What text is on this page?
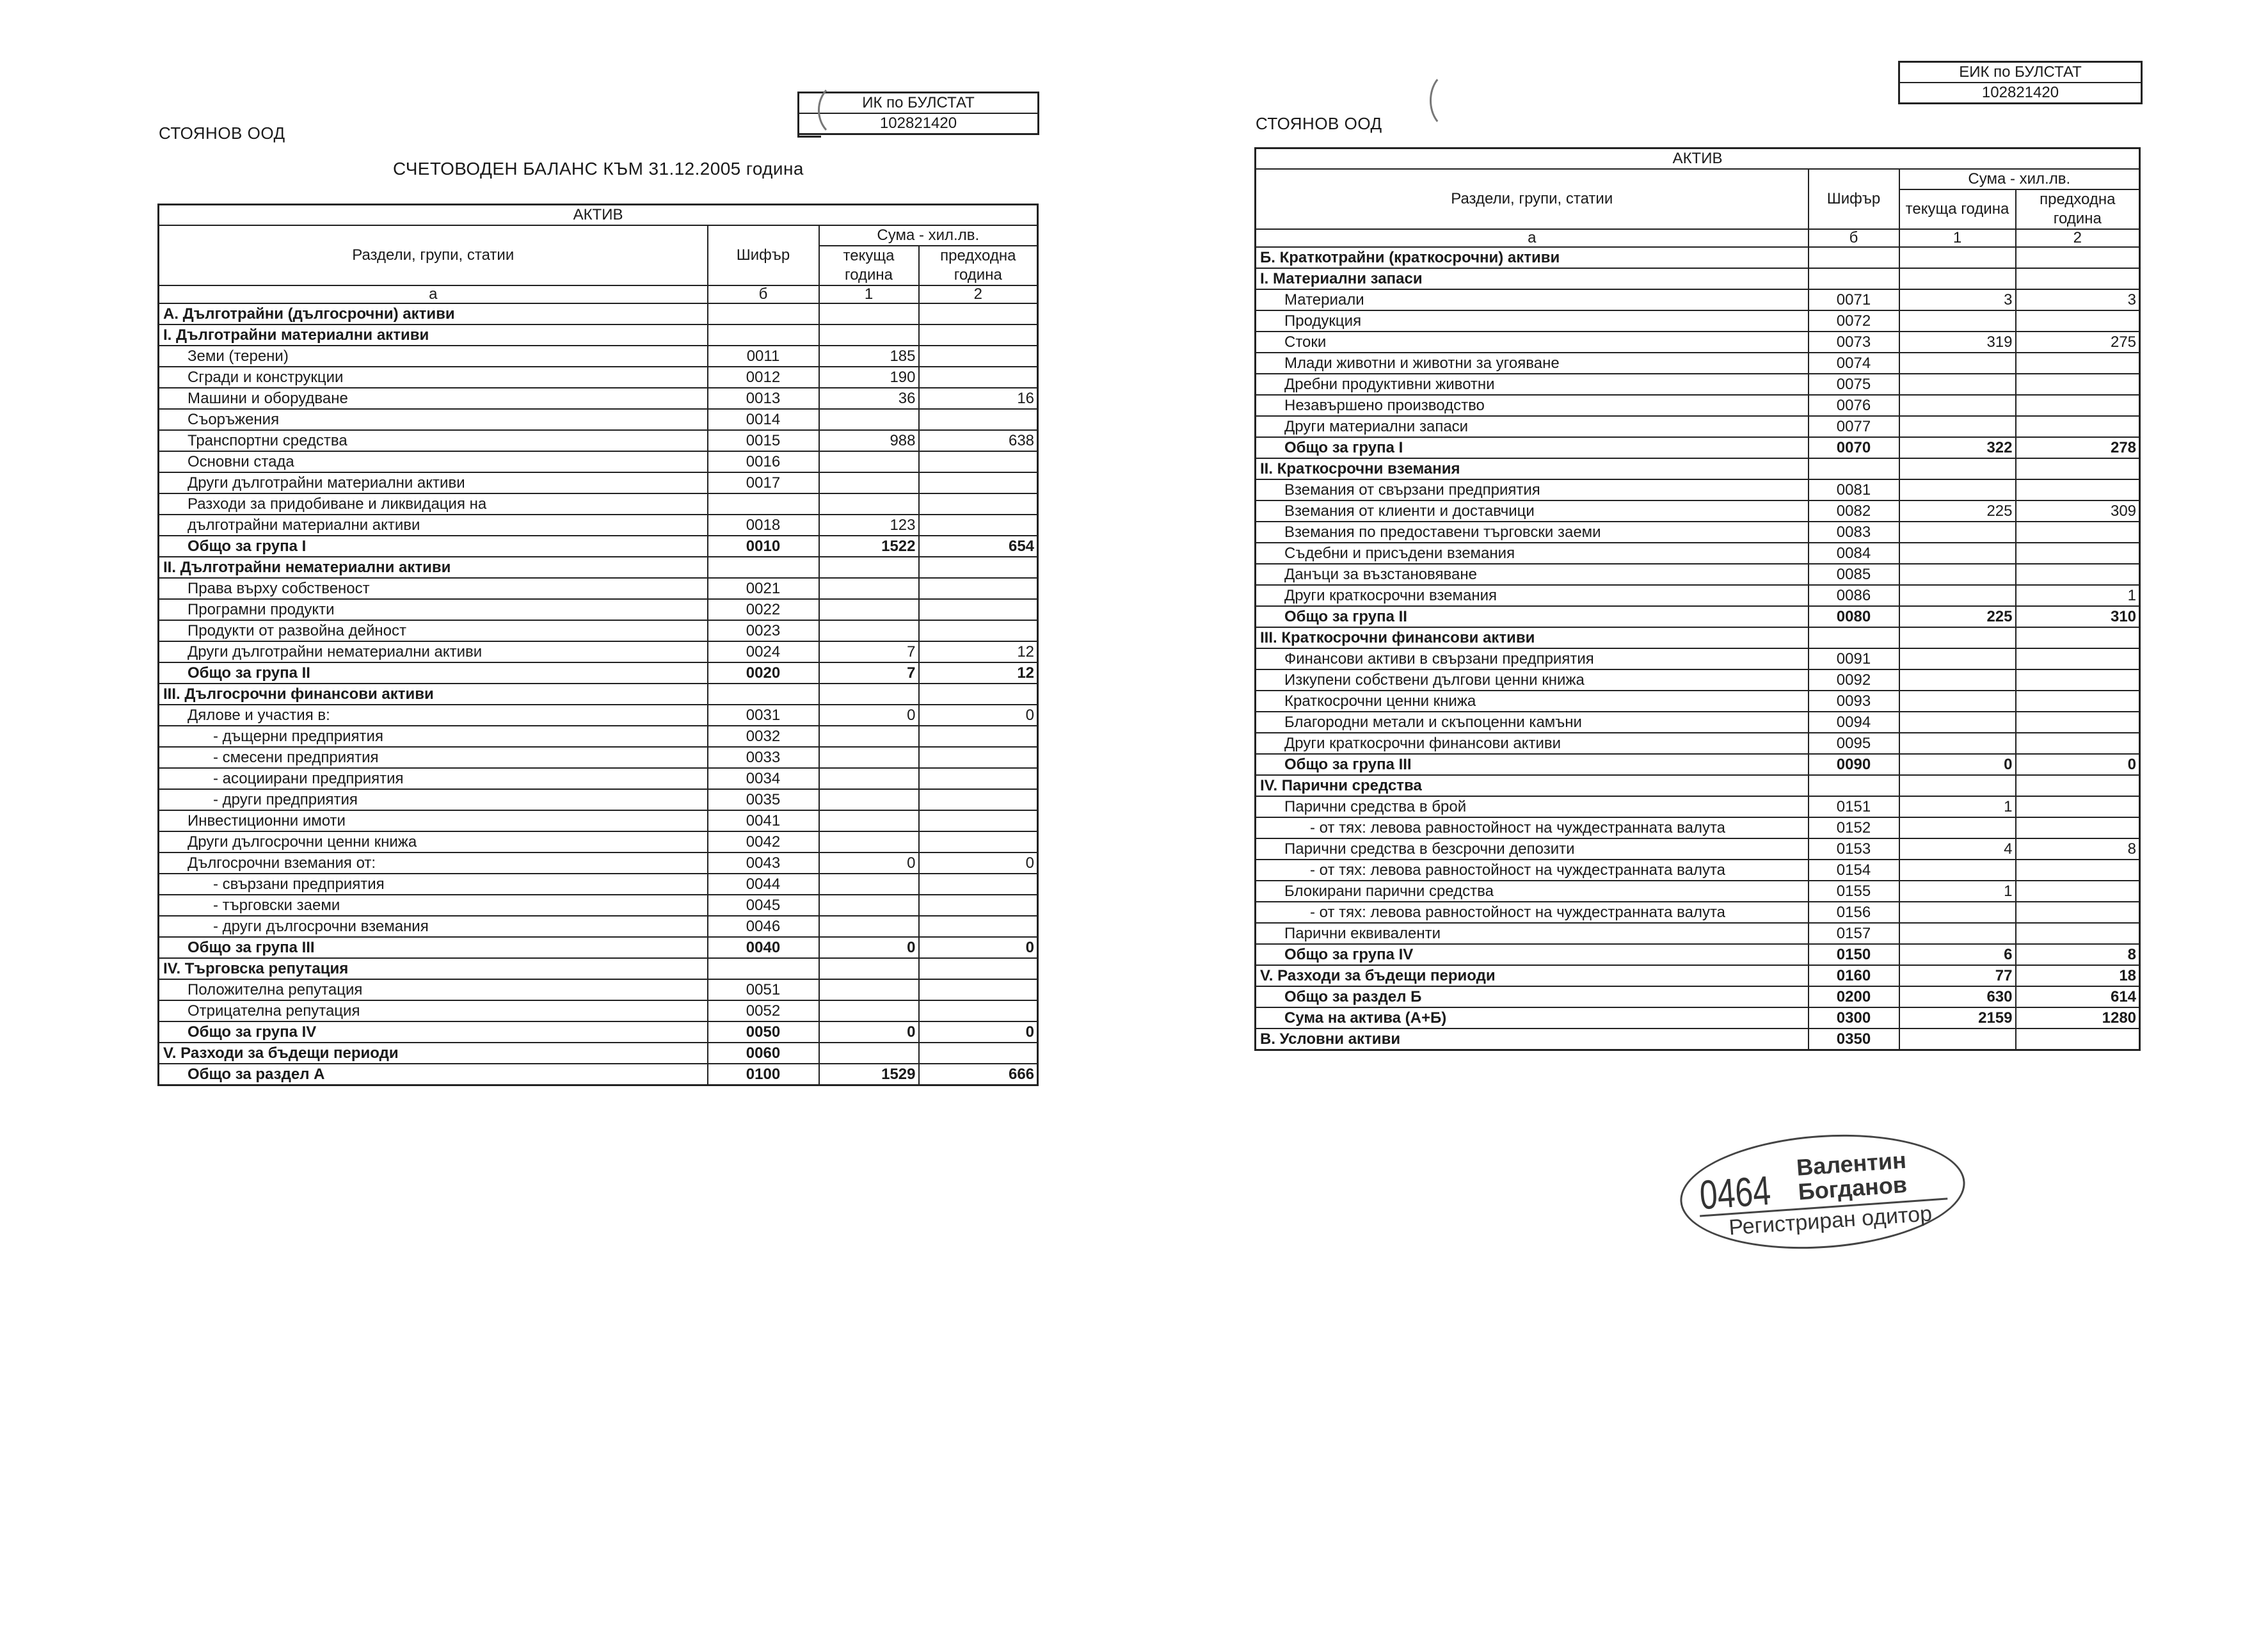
СТОЯНОВ ООД
ИК по БУЛСТАТ
102821420
СЧЕТОВОДЕН БАЛАНС КЪМ 31.12.2005 година
АКТИВ			
Раздели, групи, статии	Шифър	Сума - хил.лв.	
		текуща година	предходна година
а	б	1	2
А. Дълготрайни (дългосрочни) активи			
I. Дълготрайни материални активи			
Земи (терени)	0011	185	
Сгради и конструкции	0012	190	
Машини и оборудване	0013	36	16
Съоръжения	0014		
Транспортни средства	0015	988	638
Основни стада	0016		
Други дълготрайни материални активи	0017		
Разходи за придобиване и ликвидация на			
дълготрайни материални активи	0018	123	
Общо за група I	0010	1522	654
II. Дълготрайни нематериални активи			
Права върху собственост	0021		
Програмни продукти	0022		
Продукти от развойна дейност	0023		
Други дълготрайни нематериални активи	0024	7	12
Общо за група II	0020	7	12
III. Дългосрочни финансови активи			
Дялове и участия в:	0031	0	0
- дъщерни предприятия	0032		
- смесени предприятия	0033		
- асоциирани предприятия	0034		
- други предприятия	0035		
Инвестиционни имоти	0041		
Други дългосрочни ценни книжа	0042		
Дългосрочни вземания от:	0043	0	0
- свързани предприятия	0044		
- търговски заеми	0045		
- други дългосрочни вземания	0046		
Общо за група III	0040	0	0
IV. Търговска репутация			
Положителна репутация	0051		
Отрицателна репутация	0052		
Общо за група IV	0050	0	0
V. Разходи за бъдещи периоди	0060		
Общо за раздел А	0100	1529	666
СТОЯНОВ ООД
ЕИК по БУЛСТАТ
102821420
АКТИВ			
Раздели, групи, статии	Шифър	Сума - хил.лв.	
		текуща година	предходна година
а	б	1	2
Б. Краткотрайни (краткосрочни) активи			
I. Материални запаси			
Материали	0071	3	3
Продукция	0072		
Стоки	0073	319	275
Млади животни и животни за угояване	0074		
Дребни продуктивни животни	0075		
Незавършено производство	0076		
Други материални запаси	0077		
Общо за група I	0070	322	278
II. Краткосрочни вземания			
Вземания от свързани предприятия	0081		
Вземания от клиенти и доставчици	0082	225	309
Вземания по предоставени търговски заеми	0083		
Съдебни и присъдени вземания	0084		
Данъци за възстановяване	0085		
Други краткосрочни вземания	0086		1
Общо за група II	0080	225	310
III. Краткосрочни финансови активи			
Финансови активи в свързани предприятия	0091		
Изкупени собствени дългови ценни книжа	0092		
Краткосрочни ценни книжа	0093		
Благородни метали и скъпоценни камъни	0094		
Други краткосрочни финансови активи	0095		
Общо за група III	0090	0	0
IV. Парични средства			
Парични средства в брой	0151	1	
- от тях: левова равностойност на чуждестранната валута	0152		
Парични средства в безсрочни депозити	0153	4	8
- от тях: левова равностойност на чуждестранната валута	0154		
Блокирани парични средства	0155	1	
- от тях: левова равностойност на чуждестранната валута	0156		
Парични еквиваленти	0157		
Общо за група IV	0150	6	8
V. Разходи за бъдещи периоди	0160	77	18
Общо за раздел Б	0200	630	614
Сума на актива (А+Б)	0300	2159	1280
В. Условни активи	0350		
0464
Валентин
Богданов
Регистриран одитор
